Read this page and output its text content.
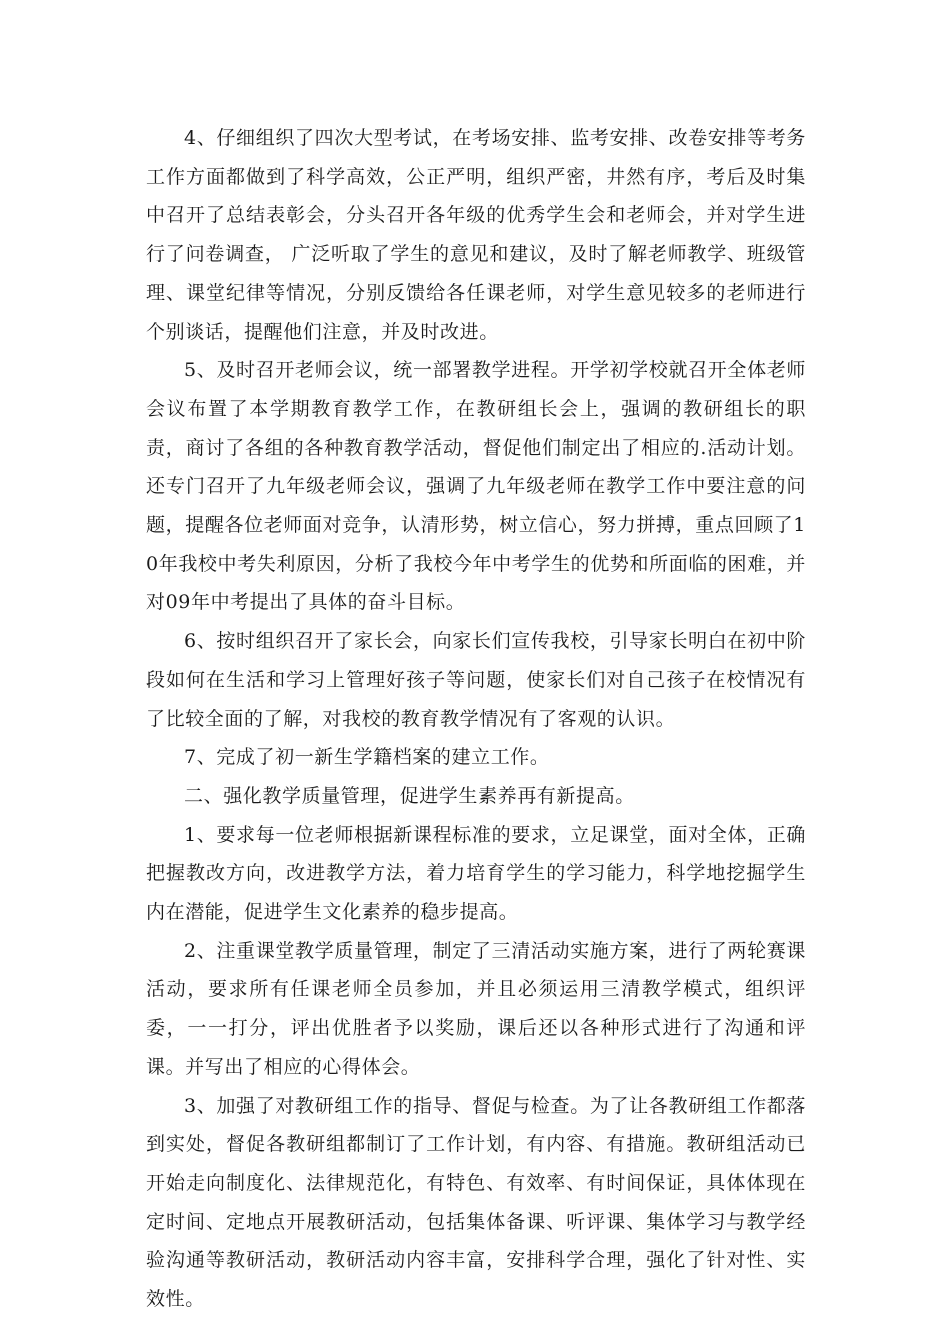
4、仔细组织了四次大型考试，在考场安排、监考安排、改卷安排等考务工作方面都做到了科学高效，公正严明，组织严密，井然有序，考后及时集中召开了总结表彰会，分头召开各年级的优秀学生会和老师会，并对学生进行了问卷调查， 广泛听取了学生的意见和建议，及时了解老师教学、班级管理、课堂纪律等情况，分别反馈给各任课老师，对学生意见较多的老师进行个别谈话，提醒他们注意，并及时改进。

5、及时召开老师会议，统一部署教学进程。开学初学校就召开全体老师会议布置了本学期教育教学工作，在教研组长会上，强调的教研组长的职责，商讨了各组的各种教育教学活动，督促他们制定出了相应的.活动计划。还专门召开了九年级老师会议，强调了九年级老师在教学工作中要注意的问题，提醒各位老师面对竞争，认清形势，树立信心，努力拼搏，重点回顾了10年我校中考失利原因，分析了我校今年中考学生的优势和所面临的困难，并对09年中考提出了具体的奋斗目标。

6、按时组织召开了家长会，向家长们宣传我校，引导家长明白在初中阶段如何在生活和学习上管理好孩子等问题，使家长们对自己孩子在校情况有了比较全面的了解，对我校的教育教学情况有了客观的认识。

7、完成了初一新生学籍档案的建立工作。

二、强化教学质量管理，促进学生素养再有新提高。

1、要求每一位老师根据新课程标准的要求，立足课堂，面对全体，正确把握教改方向，改进教学方法，着力培育学生的学习能力，科学地挖掘学生内在潜能，促进学生文化素养的稳步提高。

2、注重课堂教学质量管理，制定了三清活动实施方案，进行了两轮赛课活动，要求所有任课老师全员参加，并且必须运用三清教学模式，组织评委，一一打分，评出优胜者予以奖励，课后还以各种形式进行了沟通和评课。并写出了相应的心得体会。

3、加强了对教研组工作的指导、督促与检查。为了让各教研组工作都落到实处，督促各教研组都制订了工作计划，有内容、有措施。教研组活动已开始走向制度化、法律规范化，有特色、有效率、有时间保证，具体体现在定时间、定地点开展教研活动，包括集体备课、听评课、集体学习与教学经验沟通等教研活动，教研活动内容丰富，安排科学合理，强化了针对性、实效性。
